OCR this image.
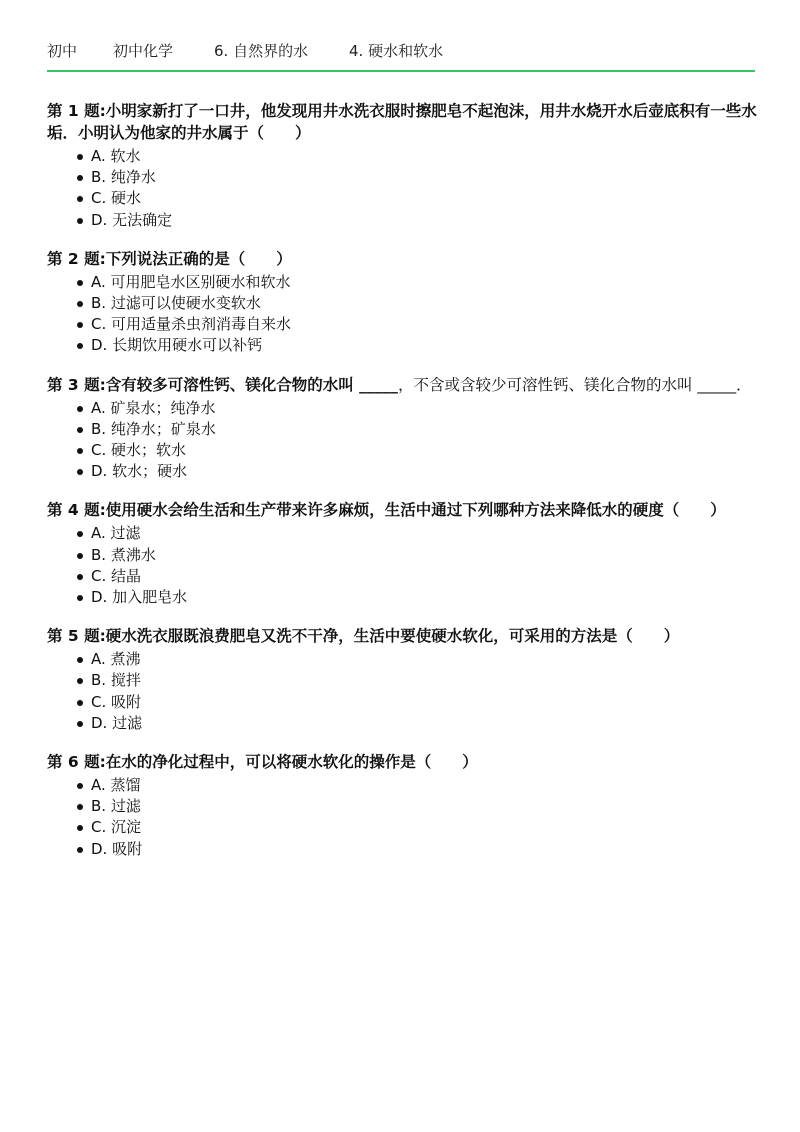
初中	初中化学	6. 自然界的水	4. 硬水和软水
第 1 题:小明家新打了一口井，他发现用井水洗衣服时擦肥皂不起泡沫，用井水烧开水后壶底积有一些水垢．小明认为他家的井水属于（　　）
A. 软水
B. 纯净水
C. 硬水
D. 无法确定
第 2 题:下列说法正确的是（　　）
A. 可用肥皂水区别硬水和软水
B. 过滤可以使硬水变软水
C. 可用适量杀虫剂消毒自来水
D. 长期饮用硬水可以补钙
第 3 题:含有较多可溶性钙、镁化合物的水叫 _____，不含或含较少可溶性钙、镁化合物的水叫 _____．
A. 矿泉水；纯净水
B. 纯净水；矿泉水
C. 硬水；软水
D. 软水；硬水
第 4 题:使用硬水会给生活和生产带来许多麻烦，生活中通过下列哪种方法来降低水的硬度（　　）
A. 过滤
B. 煮沸水
C. 结晶
D. 加入肥皂水
第 5 题:硬水洗衣服既浪费肥皂又洗不干净，生活中要使硬水软化，可采用的方法是（　　）
A. 煮沸
B. 搅拌
C. 吸附
D. 过滤
第 6 题:在水的净化过程中，可以将硬水软化的操作是（　　）
A. 蒸馏
B. 过滤
C. 沉淀
D. 吸附
